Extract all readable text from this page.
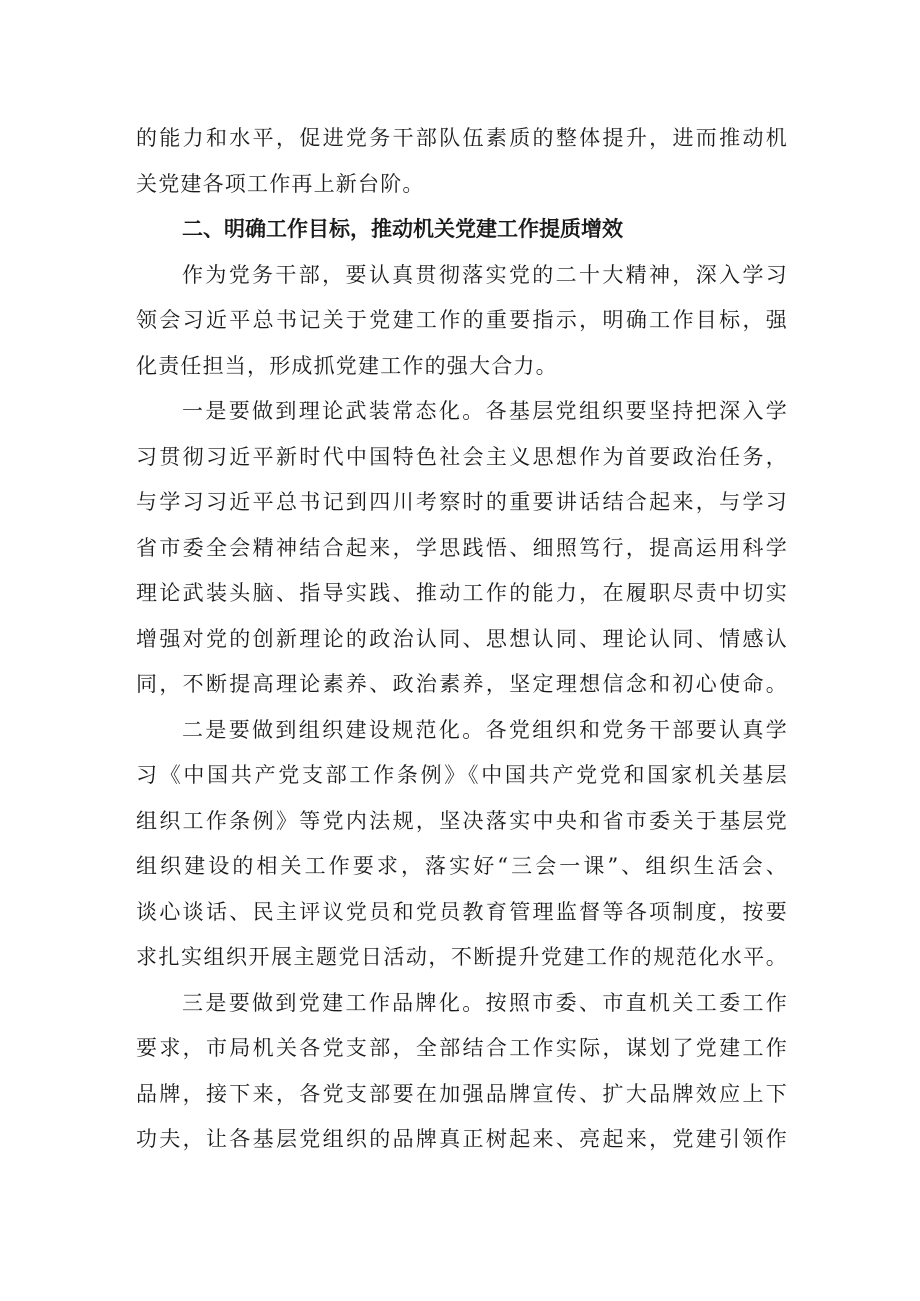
的能力和水平，促进党务干部队伍素质的整体提升，进而推动机
关党建各项工作再上新台阶。
二、明确工作目标，推动机关党建工作提质增效
作为党务干部，要认真贯彻落实党的二十大精神，深入学习
领会习近平总书记关于党建工作的重要指示，明确工作目标，强
化责任担当，形成抓党建工作的强大合力。
一是要做到理论武装常态化。各基层党组织要坚持把深入学
习贯彻习近平新时代中国特色社会主义思想作为首要政治任务，
与学习习近平总书记到四川考察时的重要讲话结合起来，与学习
省市委全会精神结合起来，学思践悟、细照笃行，提高运用科学
理论武装头脑、指导实践、推动工作的能力，在履职尽责中切实
增强对党的创新理论的政治认同、思想认同、理论认同、情感认
同，不断提高理论素养、政治素养，坚定理想信念和初心使命。
二是要做到组织建设规范化。各党组织和党务干部要认真学
习《中国共产党支部工作条例》《中国共产党党和国家机关基层
组织工作条例》等党内法规，坚决落实中央和省市委关于基层党
组织建设的相关工作要求，落实好“三会一课”、组织生活会、
谈心谈话、民主评议党员和党员教育管理监督等各项制度，按要
求扎实组织开展主题党日活动，不断提升党建工作的规范化水平。
三是要做到党建工作品牌化。按照市委、市直机关工委工作
要求，市局机关各党支部，全部结合工作实际，谋划了党建工作
品牌，接下来，各党支部要在加强品牌宣传、扩大品牌效应上下
功夫，让各基层党组织的品牌真正树起来、亮起来，党建引领作
